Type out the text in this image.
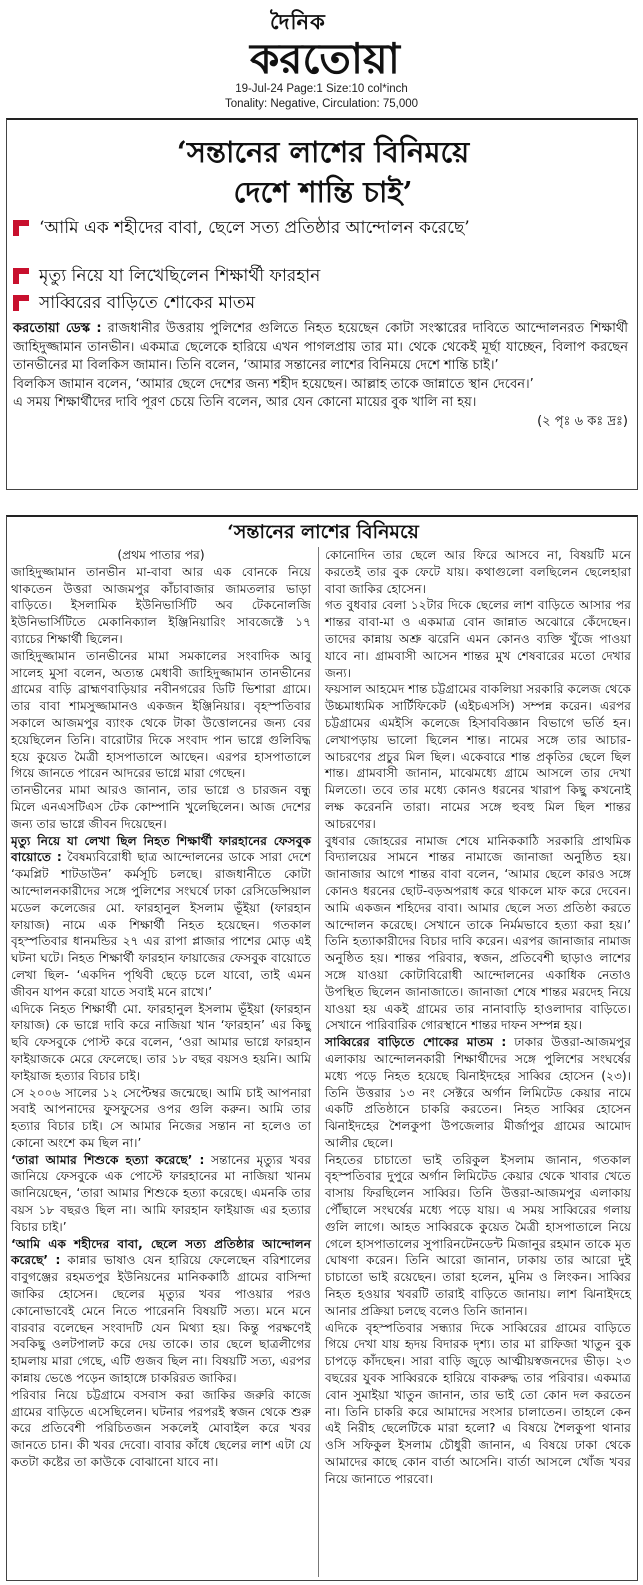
দৈনিক
করতোয়া
19-Jul-24 Page:1 Size:10 col*inch
Tonality: Negative, Circulation: 75,000
‘সন্তানের লাশের বিনিময়ে
দেশে শান্তি চাই’
‘আমি এক শহীদের বাবা, ছেলে সত্য প্রতিষ্ঠার আন্দোলন করেছে’
মৃত্যু নিয়ে যা লিখেছিলেন শিক্ষার্থী ফারহান
সাব্বিরের বাড়িতে শোকের মাতম

করতোয়া ডেস্ক : রাজধানীর উত্তরায় পুলিশের গুলিতে নিহত হয়েছেন কোটা সংস্কারের দাবিতে আন্দোলনরত শিক্ষার্থী জাহিদুজ্জামান তানভীন। একমাত্র ছেলেকে হারিয়ে এখন পাগলপ্রায় তার মা। থেকে থেকেই মূর্ছা যাচ্ছেন, বিলাপ করছেন তানভীনের মা বিলকিস জামান। তিনি বলেন, ‘আমার সন্তানের লাশের বিনিময়ে দেশে শান্তি চাই।’

বিলকিস জামান বলেন, ‘আমার ছেলে দেশের জন্য শহীদ হয়েছেন। আল্লাহ তাকে জান্নাতে স্থান দেবেন।’

এ সময় শিক্ষার্থীদের দাবি পূরণ চেয়ে তিনি বলেন, আর যেন কোনো মায়ের বুক খালি না হয়।

(২ পৃঃ ৬ কঃ দ্রঃ)
‘সন্তানের লাশের বিনিময়ে
(প্রথম পাতার পর)

জাহিদুজ্জামান তানভীন মা-বাবা আর এক বোনকে নিয়ে থাকতেন উত্তরা আজমপুর কাঁচাবাজার জামতলার ভাড়া বাড়িতে। ইসলামিক ইউনিভার্সিটি অব টেকনোলজি ইউনিভার্সিটিতে মেকানিক্যাল ইঞ্জিনিয়ারিং সাবজেক্টে ১৭ ব্যাচের শিক্ষার্থী ছিলেন।

জাহিদুজ্জামান তানভীনের মামা সমকালের সংবাদিক আবু সালেহ মুসা বলেন, অত্যন্ত মেধাবী জাহিদুজ্জামান তানভীনের গ্রামের বাড়ি ব্রাহ্মণবাড়িয়ার নবীনগরের ডিটি ভিশারা গ্রামে। তার বাবা শামসুজ্জামানও একজন ইঞ্জিনিয়ার। বৃহস্পতিবার সকালে আজমপুর ব্যাংক থেকে টাকা উত্তোলনের জন্য বের হয়েছিলেন তিনি। বারোটার দিকে সংবাদ পান ভাগ্নে গুলিবিদ্ধ হয়ে কুয়েত মৈত্রী হাসপাতালে আছেন। এরপর হাসপাতালে গিয়ে জানতে পারেন আদরের ভাগ্নে মারা গেছেন।

তানভীনের মামা আরও জানান, তার ভাগ্নে ও চারজন বন্ধু মিলে এনএসটিএস টেক কোম্পানি খুলেছিলেন। আজ দেশের জন্য তার ভাগ্নে জীবন দিয়েছেন।

মৃত্যু নিয়ে যা লেখা ছিল নিহত শিক্ষার্থী ফারহানের ফেসবুক বায়োতে : বৈষম্যবিরোধী ছাত্র আন্দোলনের ডাকে সারা দেশে ‘কমপ্লিট শাটডাউন’ কর্মসূচি চলছে। রাজধানীতে কোটা আন্দোলনকারীদের সঙ্গে পুলিশের সংঘর্ষে ঢাকা রেসিডেন্সিয়াল মডেল কলেজের মো. ফারহানুল ইসলাম ভূঁইয়া (ফারহান ফায়াজ) নামে এক শিক্ষার্থী নিহত হয়েছেন। গতকাল বৃহস্পতিবার ধানমন্ডির ২৭ এর রাপা প্লাজার পাশের মোড় এই ঘটনা ঘটে। নিহত শিক্ষার্থী ফারহান ফায়াজের ফেসবুক বায়োতে লেখা ছিল- ‘একদিন পৃথিবী ছেড়ে চলে যাবো, তাই এমন জীবন যাপন করো যাতে সবাই মনে রাখে।’

এদিকে নিহত শিক্ষার্থী মো. ফারহানুল ইসলাম ভূঁইয়া (ফারহান ফায়াজ) কে ভাগ্নে দাবি করে নাজিয়া খান ‘ফারহান’ এর কিছু ছবি ফেসবুকে পোস্ট করে বলেন, ‘ওরা আমার ভাগ্নে ফারহান ফাইয়াজকে মেরে ফেলেছে। তার ১৮ বছর বয়সও হয়নি। আমি ফাইয়াজ হত্যার বিচার চাই।

সে ২০০৬ সালের ১২ সেপ্টেম্বর জন্মেছে। আমি চাই আপনারা সবাই আপনাদের ফুসফুসের ওপর গুলি করুন। আমি তার হত্যার বিচার চাই। সে আমার নিজের সন্তান না হলেও তা কোনো অংশে কম ছিল না।’

‘তারা আমার শিশুকে হত্যা করেছে’ : সন্তানের মৃত্যুর খবর জানিয়ে ফেসবুকে এক পোস্টে ফারহানের মা নাজিয়া খানম জানিয়েছেন, ‘তারা আমার শিশুকে হত্যা করেছে। এমনকি তার বয়স ১৮ বছরও ছিল না। আমি ফারহান ফাইয়াজ এর হত্যার বিচার চাই।’

‘আমি এক শহীদের বাবা, ছেলে সত্য প্রতিষ্ঠার আন্দোলন করেছে’ : কান্নার ভাষাও যেন হারিয়ে ফেলেছেন বরিশালের বাবুগঞ্জের রহমতপুর ইউনিয়নের মানিককাঠি গ্রামের বাসিন্দা জাকির হোসেন। ছেলের মৃত্যুর খবর পাওয়ার পরও কোনোভাবেই মেনে নিতে পারেননি বিষয়টি সত্য। মনে মনে বারবার বলেছেন সংবাদটি যেন মিথ্যা হয়। কিন্তু পরক্ষণেই সবকিছু ওলটপালট করে দেয় তাকে। তার ছেলে ছাত্রলীগের হামলায় মারা গেছে, এটি গুজব ছিল না। বিষয়টি সত্য, এরপর কান্নায় ভেঙে পড়েন জাহাঙ্গে চাকরিরত জাকির।

পরিবার নিয়ে চট্টগ্রামে বসবাস করা জাকির জরুরি কাজে গ্রামের বাড়িতে এসেছিলেন। ঘটনার পরপরই স্বজন থেকে শুরু করে প্রতিবেশী পরিচিতজন সকলেই মোবাইল করে খবর জানতে চান। কী খবর দেবো। বাবার কাঁধে ছেলের লাশ এটা যে কতটা কষ্টের তা কাউকে বোঝানো যাবে না।

কোনোদিন তার ছেলে আর ফিরে আসবে না, বিষয়টি মনে করতেই তার বুক ফেটে যায়। কথাগুলো বলছিলেন ছেলেহারা বাবা জাকির হোসেন।

গত বুধবার বেলা ১২টার দিকে ছেলের লাশ বাড়িতে আসার পর শান্তর বাবা-মা ও একমাত্র বোন জান্নাত অঝোরে কেঁদেছেন। তাদের কান্নায় অশ্রু ঝরেনি এমন কোনও ব্যক্তি খুঁজে পাওয়া যাবে না। গ্রামবাসী আসেন শান্তর মুখ শেষবারের মতো দেখার জন্য।

ফয়সাল আহমেদ শান্ত চট্টগ্রামের বাকলিয়া সরকারি কলেজ থেকে উচ্চমাধ্যমিক সার্টিফিকেট (এইচএসসি) সম্পন্ন করেন। এরপর চট্টগ্রামের এমইসি কলেজে হিসাববিজ্ঞান বিভাগে ভর্তি হন। লেখাপড়ায় ভালো ছিলেন শান্ত। নামের সঙ্গে তার আচার-আচরণের প্রচুর মিল ছিল। একেবারে শান্ত প্রকৃতির ছেলে ছিল শান্ত। গ্রামবাসী জানান, মাঝেমধ্যে গ্রামে আসলে তার দেখা মিলতো। তবে তার মধ্যে কোনও ধরনের খারাপ কিছু কখনোই লক্ষ করেননি তারা। নামের সঙ্গে হুবহু মিল ছিল শান্তর আচরণের।

বুধবার জোহরের নামাজ শেষে মানিককাঠি সরকারি প্রাথমিক বিদ্যালয়ের সামনে শান্তর নামাজে জানাজা অনুষ্ঠিত হয়। জানাজার আগে শান্তর বাবা বলেন, ‘আমার ছেলে কারও সঙ্গে কোনও ধরনের ছোট-বড়অপরাধ করে থাকলে মাফ করে দেবেন। আমি একজন শহিদের বাবা। আমার ছেলে সত্য প্রতিষ্ঠা করতে আন্দোলন করেছে। সেখানে তাকে নির্মমভাবে হত্যা করা হয়।’ তিনি হত্যাকারীদের বিচার দাবি করেন। এরপর জানাজার নামাজ অনুষ্ঠিত হয়। শান্তর পরিবার, স্বজন, প্রতিবেশী ছাড়াও লাশের সঙ্গে যাওয়া কোটাবিরোধী আন্দোলনের একাধিক নেতাও উপস্থিত ছিলেন জানাজাতে। জানাজা শেষে শান্তর মরদেহ নিয়ে যাওয়া হয় একই গ্রামের তার নানাবাড়ি হাওলাদার বাড়িতে। সেখানে পারিবারিক গোরস্থানে শান্তর দাফন সম্পন্ন হয়।

সাব্বিরের বাড়িতে শোকের মাতম : ঢাকার উত্তরা-আজমপুর এলাকায় আন্দোলনকারী শিক্ষার্থীদের সঙ্গে পুলিশের সংঘর্ষের মধ্যে পড়ে নিহত হয়েছে ঝিনাইদহের সাব্বির হোসেন (২৩)। তিনি উত্তরার ১৩ নং সেক্টরে অর্গান লিমিটেড কেয়ার নামে একটি প্রতিষ্ঠানে চাকরি করতেন। নিহত সাব্বির হোসেন ঝিনাইদহের শৈলকুপা উপজেলার মীর্জাপুর গ্রামের আমোদ আলীর ছেলে।

নিহতের চাচাতো ভাই তরিকুল ইসলাম জানান, গতকাল বৃহস্পতিবার দুপুরে অর্গান লিমিটেড কেয়ার থেকে খাবার খেতে বাসায় ফিরছিলেন সাব্বির। তিনি উত্তরা-আজমপুর এলাকায় পৌঁছালে সংঘর্ষের মধ্যে পড়ে যায়। এ সময় সাব্বিরের গলায় গুলি লাগে। আহত সাব্বিরকে কুয়েত মৈত্রী হাসপাতালে নিয়ে গেলে হাসপাতালের সুপারিনটেনডেন্ট মিজানুর রহমান তাকে মৃত ঘোষণা করেন। তিনি আরো জানান, ঢাকায় তার আরো দুই চাচাতো ভাই রয়েছেন। তারা হলেন, মুনিম ও লিংকন। সাব্বির নিহত হওয়ার খবরটি তারাই বাড়িতে জানায়। লাশ ঝিনাইদহে আনার প্রক্রিয়া চলছে বলেও তিনি জানান।

এদিকে বৃহস্পতিবার সন্ধ্যার দিকে সাব্বিরের গ্রামের বাড়িতে গিয়ে দেখা যায় হৃদয় বিদারক দৃশ্য। তার মা রাফিজা খাতুন বুক চাপড়ে কাঁদছেন। সারা বাড়ি জুড়ে আত্মীয়স্বজনদের ভীড়। ২৩ বছরের যুবক সাব্বিরকে হারিয়ে বাকরুদ্ধ তার পরিবার। একমাত্র বোন সুমাইয়া খাতুন জানান, তার ভাই তো কোন দল করতেন না। তিনি চাকরি করে আমাদের সংসার চালাতেন। তাহলে কেন এই নিরীহ ছেলেটিকে মারা হলো? এ বিষয়ে শৈলকুপা থানার ওসি সফিকুল ইসলাম চৌধুরী জানান, এ বিষয়ে ঢাকা থেকে আমাদের কাছে কোন বার্তা আসেনি। বার্তা আসলে খোঁজ খবর নিয়ে জানাতে পারবো।
